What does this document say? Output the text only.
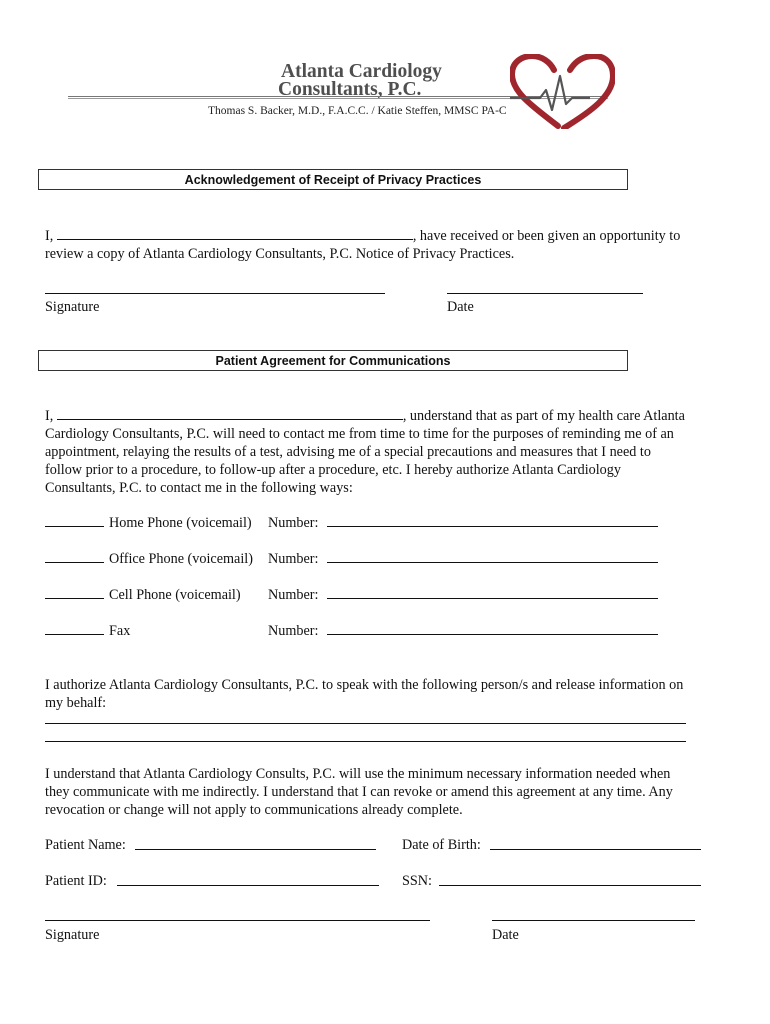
Atlanta Cardiology
Consultants, P.C.
Thomas S. Backer, M.D., F.A.C.C. / Katie Steffen, MMSC PA-C
Acknowledgement of Receipt of Privacy Practices
I,	, have received or been given an opportunity to
review a copy of Atlanta Cardiology Consultants, P.C. Notice of Privacy Practices.
Signature	Date
Patient Agreement for Communications
I,	, understand that as part of my health care Atlanta
Cardiology Consultants, P.C. will need to contact me from time to time for the purposes of reminding me of an
appointment, relaying the results of a test, advising me of a special precautions and measures that I need to
follow prior to a procedure, to follow-up after a procedure, etc. I hereby authorize Atlanta Cardiology
Consultants, P.C. to contact me in the following ways:
Home Phone (voicemail) Number:
Office Phone (voicemail) Number:
Cell Phone (voicemail) Number:
Fax	Number:
I authorize Atlanta Cardiology Consultants, P.C. to speak with the following person/s and release information on
my behalf:
I understand that Atlanta Cardiology Consults, P.C. will use the minimum necessary information needed when
they communicate with me indirectly. I understand that I can revoke or amend this agreement at any time. Any
revocation or change will not apply to communications already complete.
Patient Name:	Date of Birth:
Patient ID:	SSN:
Signature	Date
